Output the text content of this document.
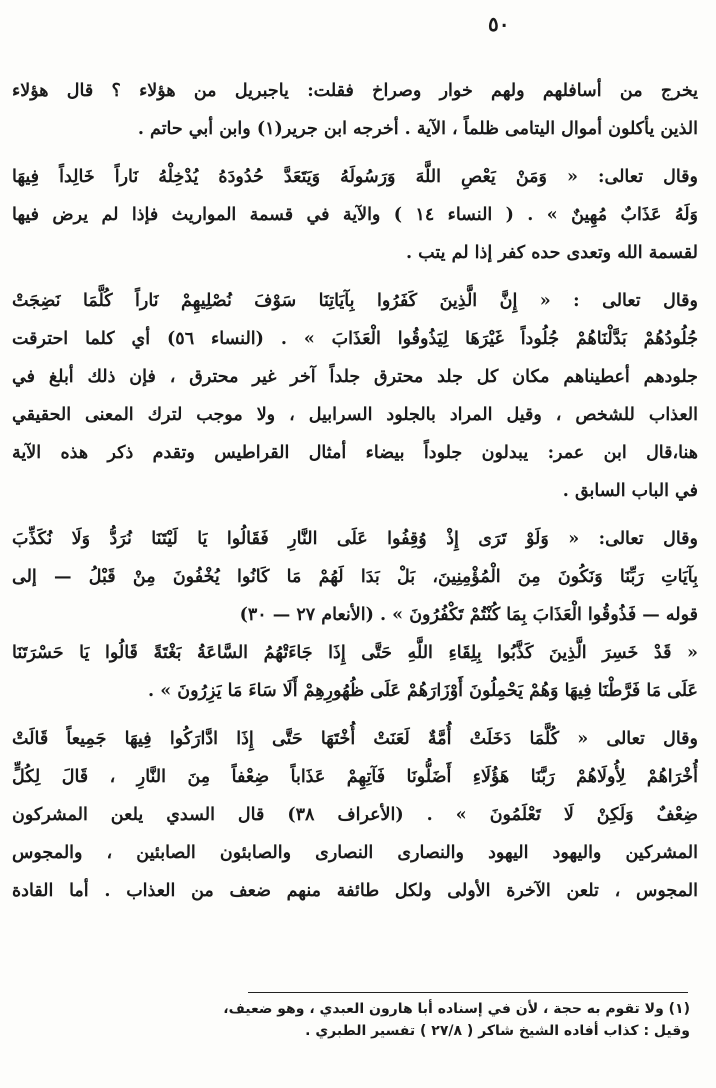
٥٠
يخرج من أسافلهم ولهم خوار وصراخ فقلت: ياجبريل من هؤلاء ؟ قال هؤلاء
الذين يأكلون أموال اليتامى ظلماً ، الآية . أخرجه ابن جرير(١) وابن أبي حاتم .
وقال تعالى: « وَمَنْ يَعْصِ اللَّهَ وَرَسُولَهُ وَيَتَعَدَّ حُدُودَهُ يُدْخِلْهُ نَاراً خَالِداً فِيهَا
وَلَهُ عَذَابٌ مُهِينٌ » . ( النساء ١٤ ) والآية في قسمة المواريث فإذا لم يرض فيها
لقسمة الله وتعدى حده كفر إذا لم يتب .
وقال تعالى : « إِنَّ الَّذِينَ كَفَرُوا بِآيَاتِنَا سَوْفَ نُصْلِيهِمْ نَاراً كُلَّمَا نَضِجَتْ
جُلُودُهُمْ بَدَّلْنَاهُمْ جُلُوداً غَيْرَهَا لِيَذُوقُوا الْعَذَابَ » . (النساء ٥٦) أي كلما احترقت
جلودهم أعطيناهم مكان كل جلد محترق جلداً آخر غير محترق ، فإن ذلك أبلغ في
العذاب للشخص ، وقيل المراد بالجلود السرابيل ، ولا موجب لترك المعنى الحقيقي
هنا،قال ابن عمر: يبدلون جلوداً بيضاء أمثال القراطيس وتقدم ذكر هذه الآية
في الباب السابق .
وقال تعالى: « وَلَوْ تَرَى إِذْ وُقِفُوا عَلَى النَّارِ فَقَالُوا يَا لَيْتَنَا نُرَدُّ وَلَا نُكَذِّبَ
بِآيَاتِ رَبِّنَا وَنَكُونَ مِنَ الْمُؤْمِنِينَ، بَلْ بَدَا لَهُمْ مَا كَانُوا يُخْفُونَ مِنْ قَبْلُ — إلى
قوله — فَذُوقُوا الْعَذَابَ بِمَا كُنْتُمْ تَكْفُرُونَ » . (الأنعام ٢٧ — ٣٠)
« قَدْ خَسِرَ الَّذِينَ كَذَّبُوا بِلِقَاءِ اللَّهِ حَتَّى إِذَا جَاءَتْهُمُ السَّاعَةُ بَغْتَةً قَالُوا يَا حَسْرَتَنَا
عَلَى مَا فَرَّطْنَا فِيهَا وَهُمْ يَحْمِلُونَ أَوْزَارَهُمْ عَلَى ظُهُورِهِمْ أَلَا سَاءَ مَا يَزِرُونَ » .
وقال تعالى « كُلَّمَا دَخَلَتْ أُمَّةٌ لَعَنَتْ أُخْتَهَا حَتَّى إِذَا ادَّارَكُوا فِيهَا جَمِيعاً قَالَتْ
أُخْرَاهُمْ لِأُولَاهُمْ رَبَّنَا هَؤُلَاءِ أَضَلُّونَا فَآتِهِمْ عَذَاباً ضِعْفاً مِنَ النَّارِ ، قَالَ لِكُلٍّ
ضِعْفٌ وَلَكِنْ لَا تَعْلَمُونَ » . (الأعراف ٣٨) قال السدي يلعن المشركون
المشركين واليهود اليهود والنصارى النصارى والصابئون الصابئين ، والمجوس
المجوس ، تلعن الآخرة الأولى ولكل طائفة منهم ضعف من العذاب . أما القادة
(١) ولا تقوم به حجة ، لأن في إسناده أبا هارون العبدي ، وهو ضعيف،
وقيل : كذاب أفاده الشيخ شاكر ( ٢٧/٨ ) تفسير الطبري .
